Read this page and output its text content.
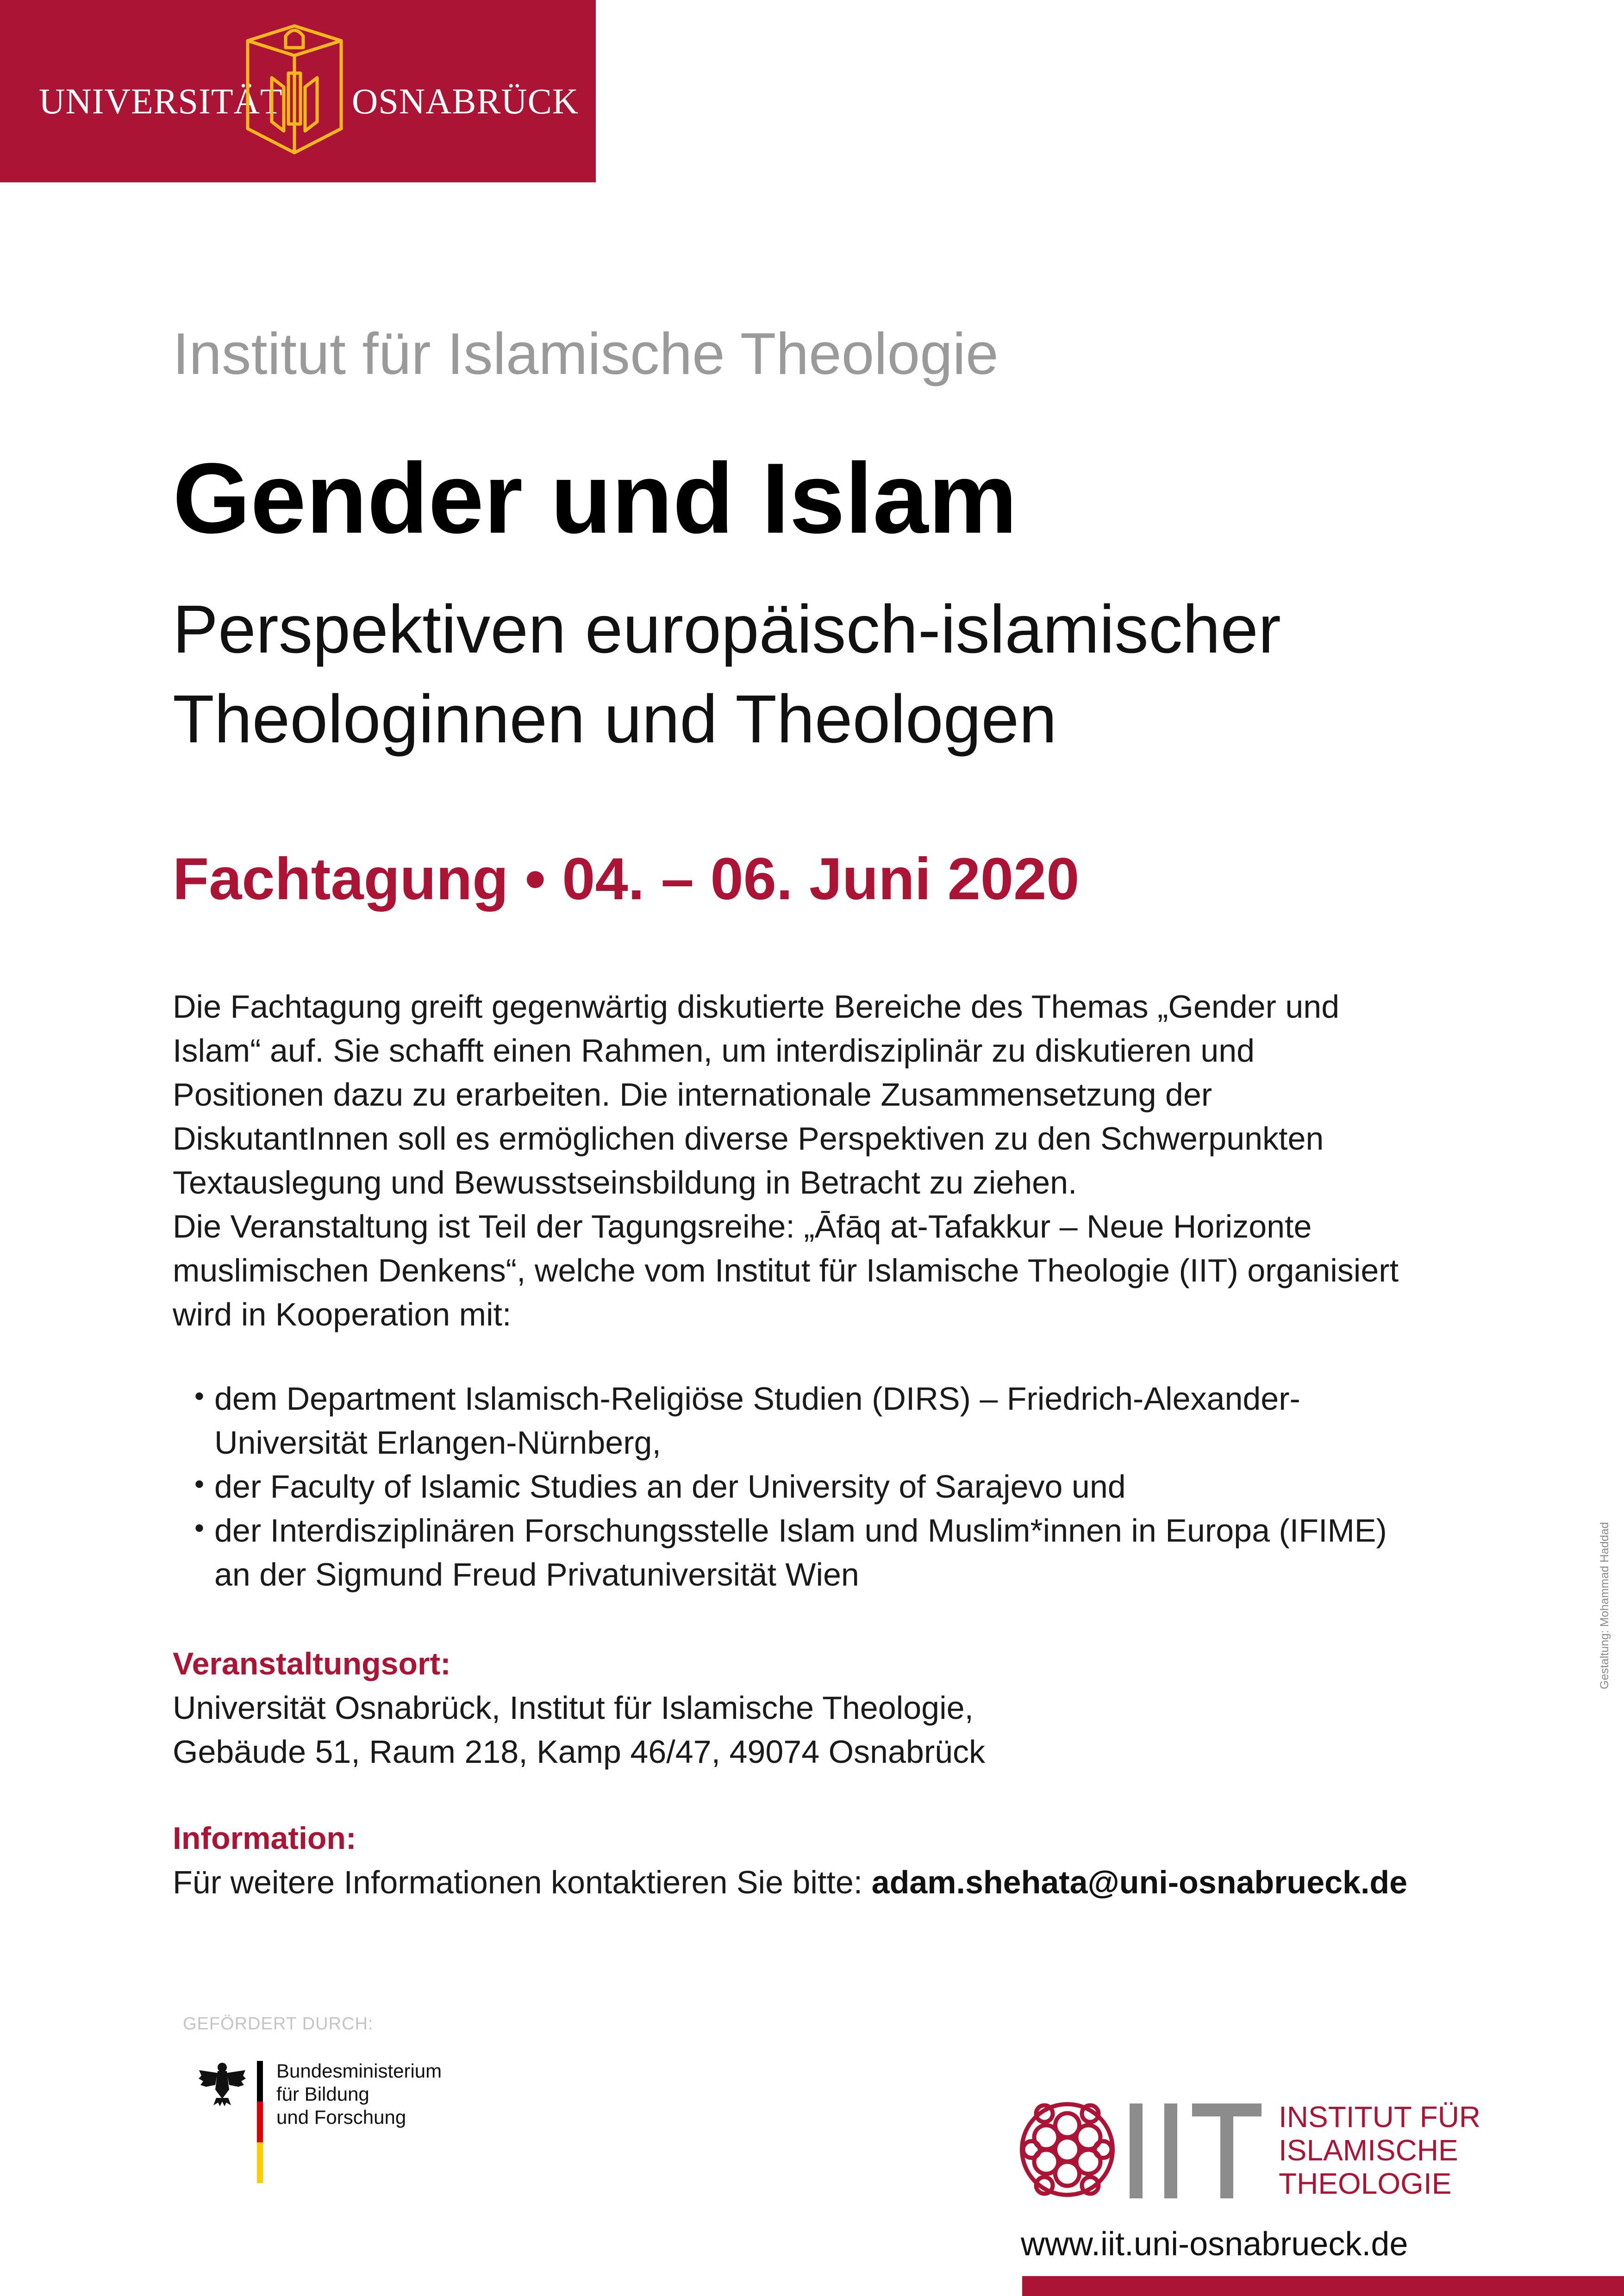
UNIVERSITÄT OSNABRÜCK
Institut für Islamische Theologie
Gender und Islam
Perspektiven europäisch-islamischer
Theologinnen und Theologen
Fachtagung • 04. – 06. Juni 2020
Die Fachtagung greift gegenwärtig diskutierte Bereiche des Themas „Gender und
Islam“ auf. Sie schafft einen Rahmen, um interdisziplinär zu diskutieren und
Positionen dazu zu erarbeiten. Die internationale Zusammensetzung der
DiskutantInnen soll es ermöglichen diverse Perspektiven zu den Schwerpunkten
Textauslegung und Bewusstseinsbildung in Betracht zu ziehen.
Die Veranstaltung ist Teil der Tagungsreihe: „Āfāq at-Tafakkur – Neue Horizonte
muslimischen Denkens“, welche vom Institut für Islamische Theologie (IIT) organisiert
wird in Kooperation mit:
• dem Department Islamisch-Religiöse Studien (DIRS) – Friedrich-Alexander-
Universität Erlangen-Nürnberg,
• der Faculty of Islamic Studies an der University of Sarajevo und
• der Interdisziplinären Forschungsstelle Islam und Muslim*innen in Europa (IFIME)
an der Sigmund Freud Privatuniversität Wien
Veranstaltungsort:
Universität Osnabrück, Institut für Islamische Theologie,
Gebäude 51, Raum 218, Kamp 46/47, 49074 Osnabrück
Information:
Für weitere Informationen kontaktieren Sie bitte: adam.shehata@uni-osnabrueck.de
Gestaltung: Mohammad Haddad
GEFÖRDERT DURCH:
Bundesministerium
für Bildung
und Forschung	INSTITUT FÜR
ISLAMISCHE
THEOLOGIE
www.iit.uni-osnabrueck.de
